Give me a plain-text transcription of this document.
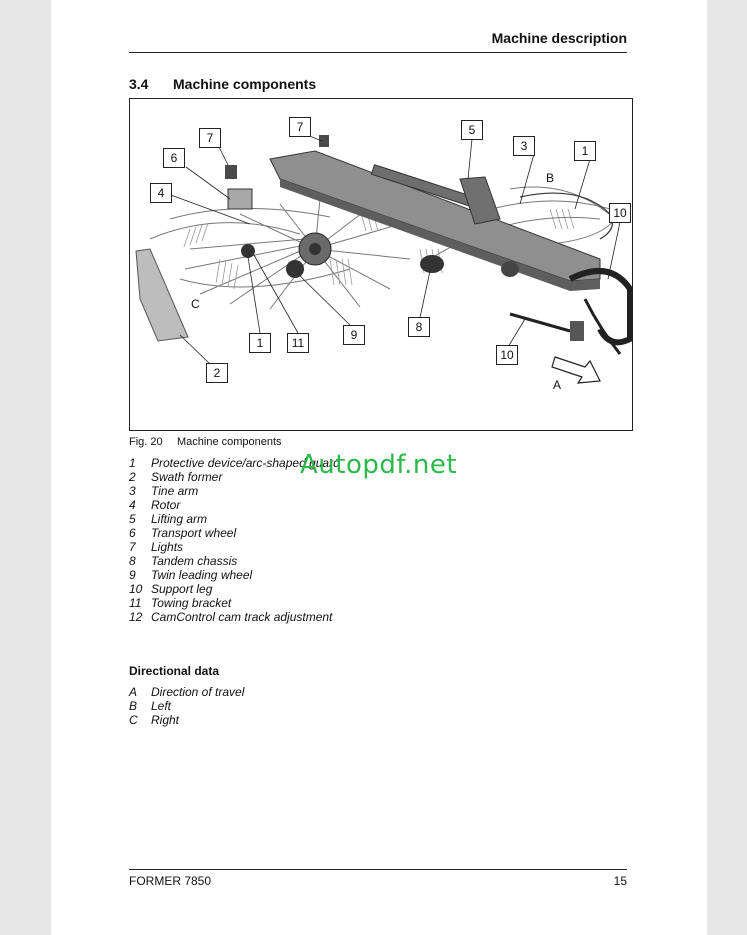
Machine description
3.4 Machine components
7
7
6
4
5
3	1
10
8
9
11
1
2
10
B
C
A
Fig. 20 Machine components
1 Protective device/arc-shaped guard
2 Swath former
3 Tine arm
4 Rotor
5 Lifting arm
6 Transport wheel
7 Lights
8 Tandem chassis
9 Twin leading wheel
10 Support leg
11 Towing bracket
12 CamControl cam track adjustment
Directional data
A Direction of travel
B Left
C Right
Autopdf.net
FORMER 7850	15
